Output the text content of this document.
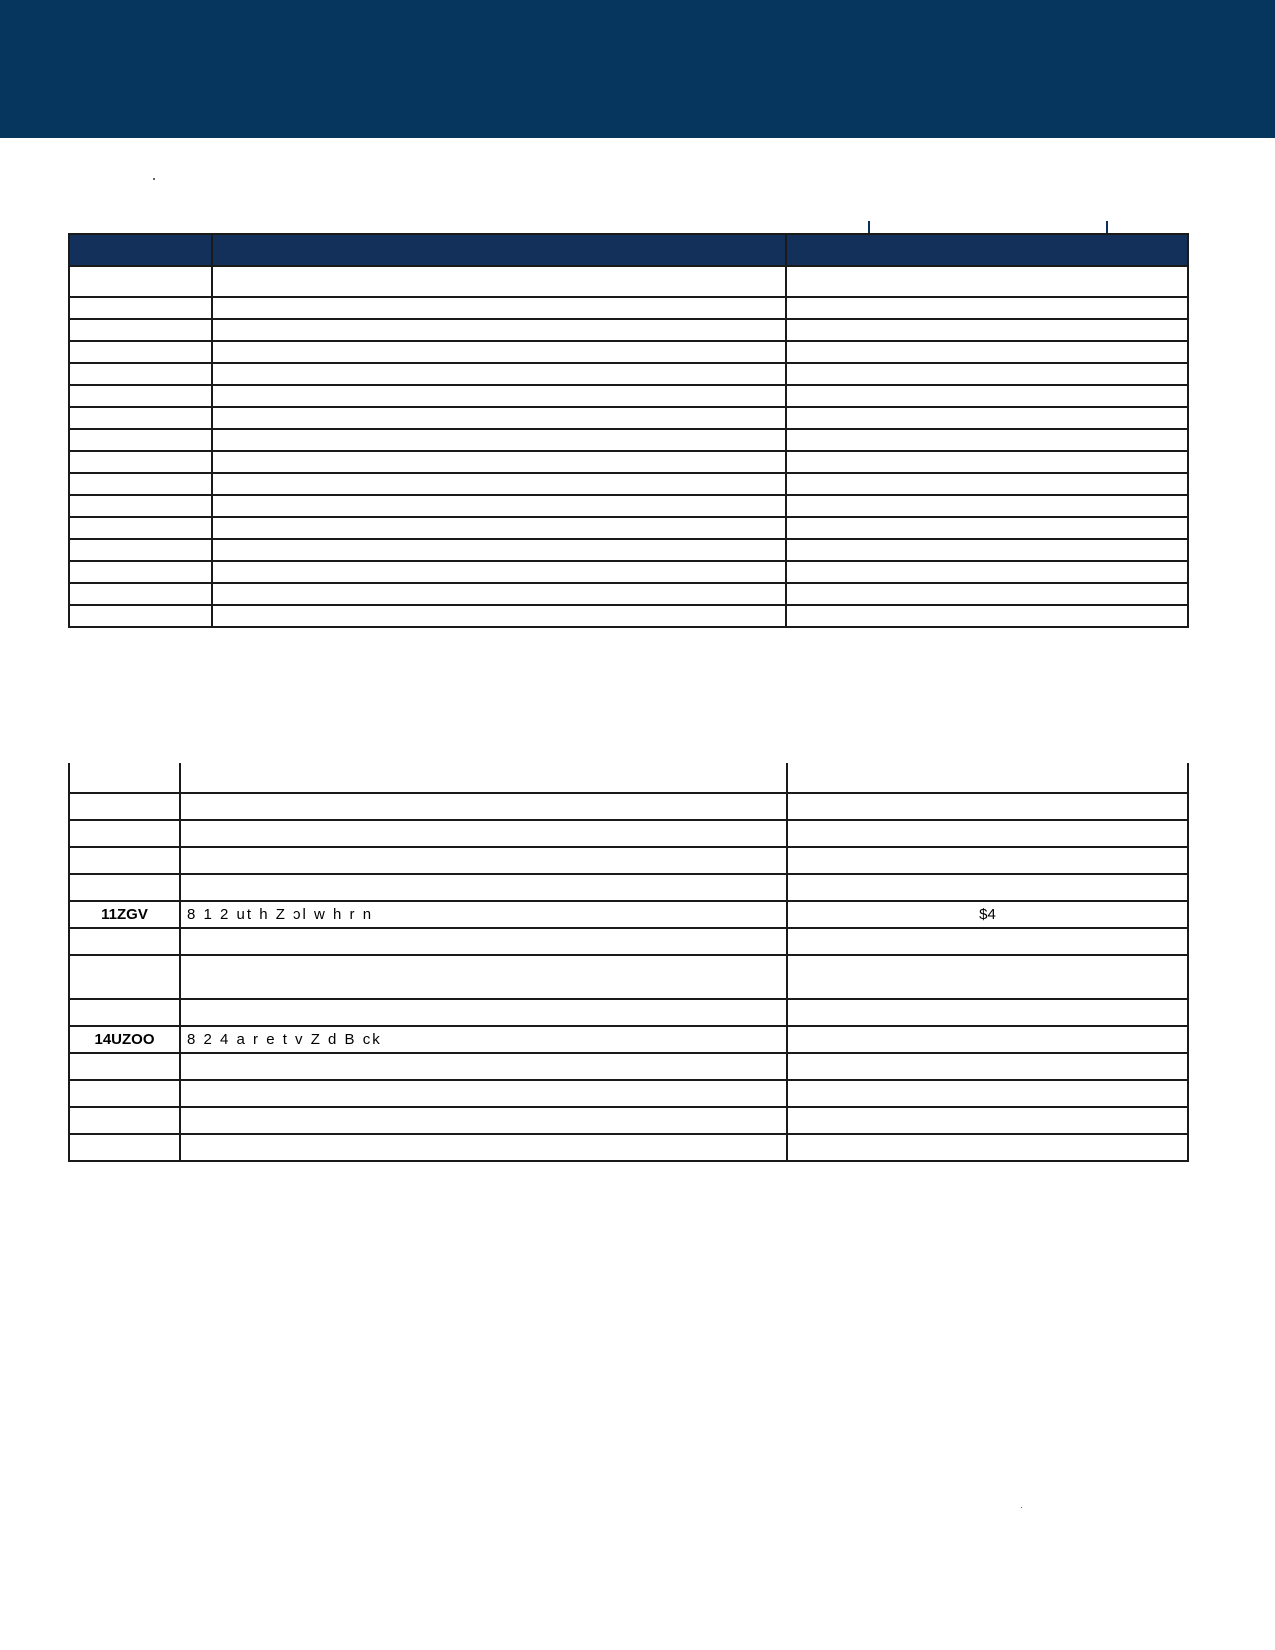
11ZGV	8 1 2 ut h Z ɔl w h r n	$4

14UZOO	8 2 4 a r e t v Z d B ck	
